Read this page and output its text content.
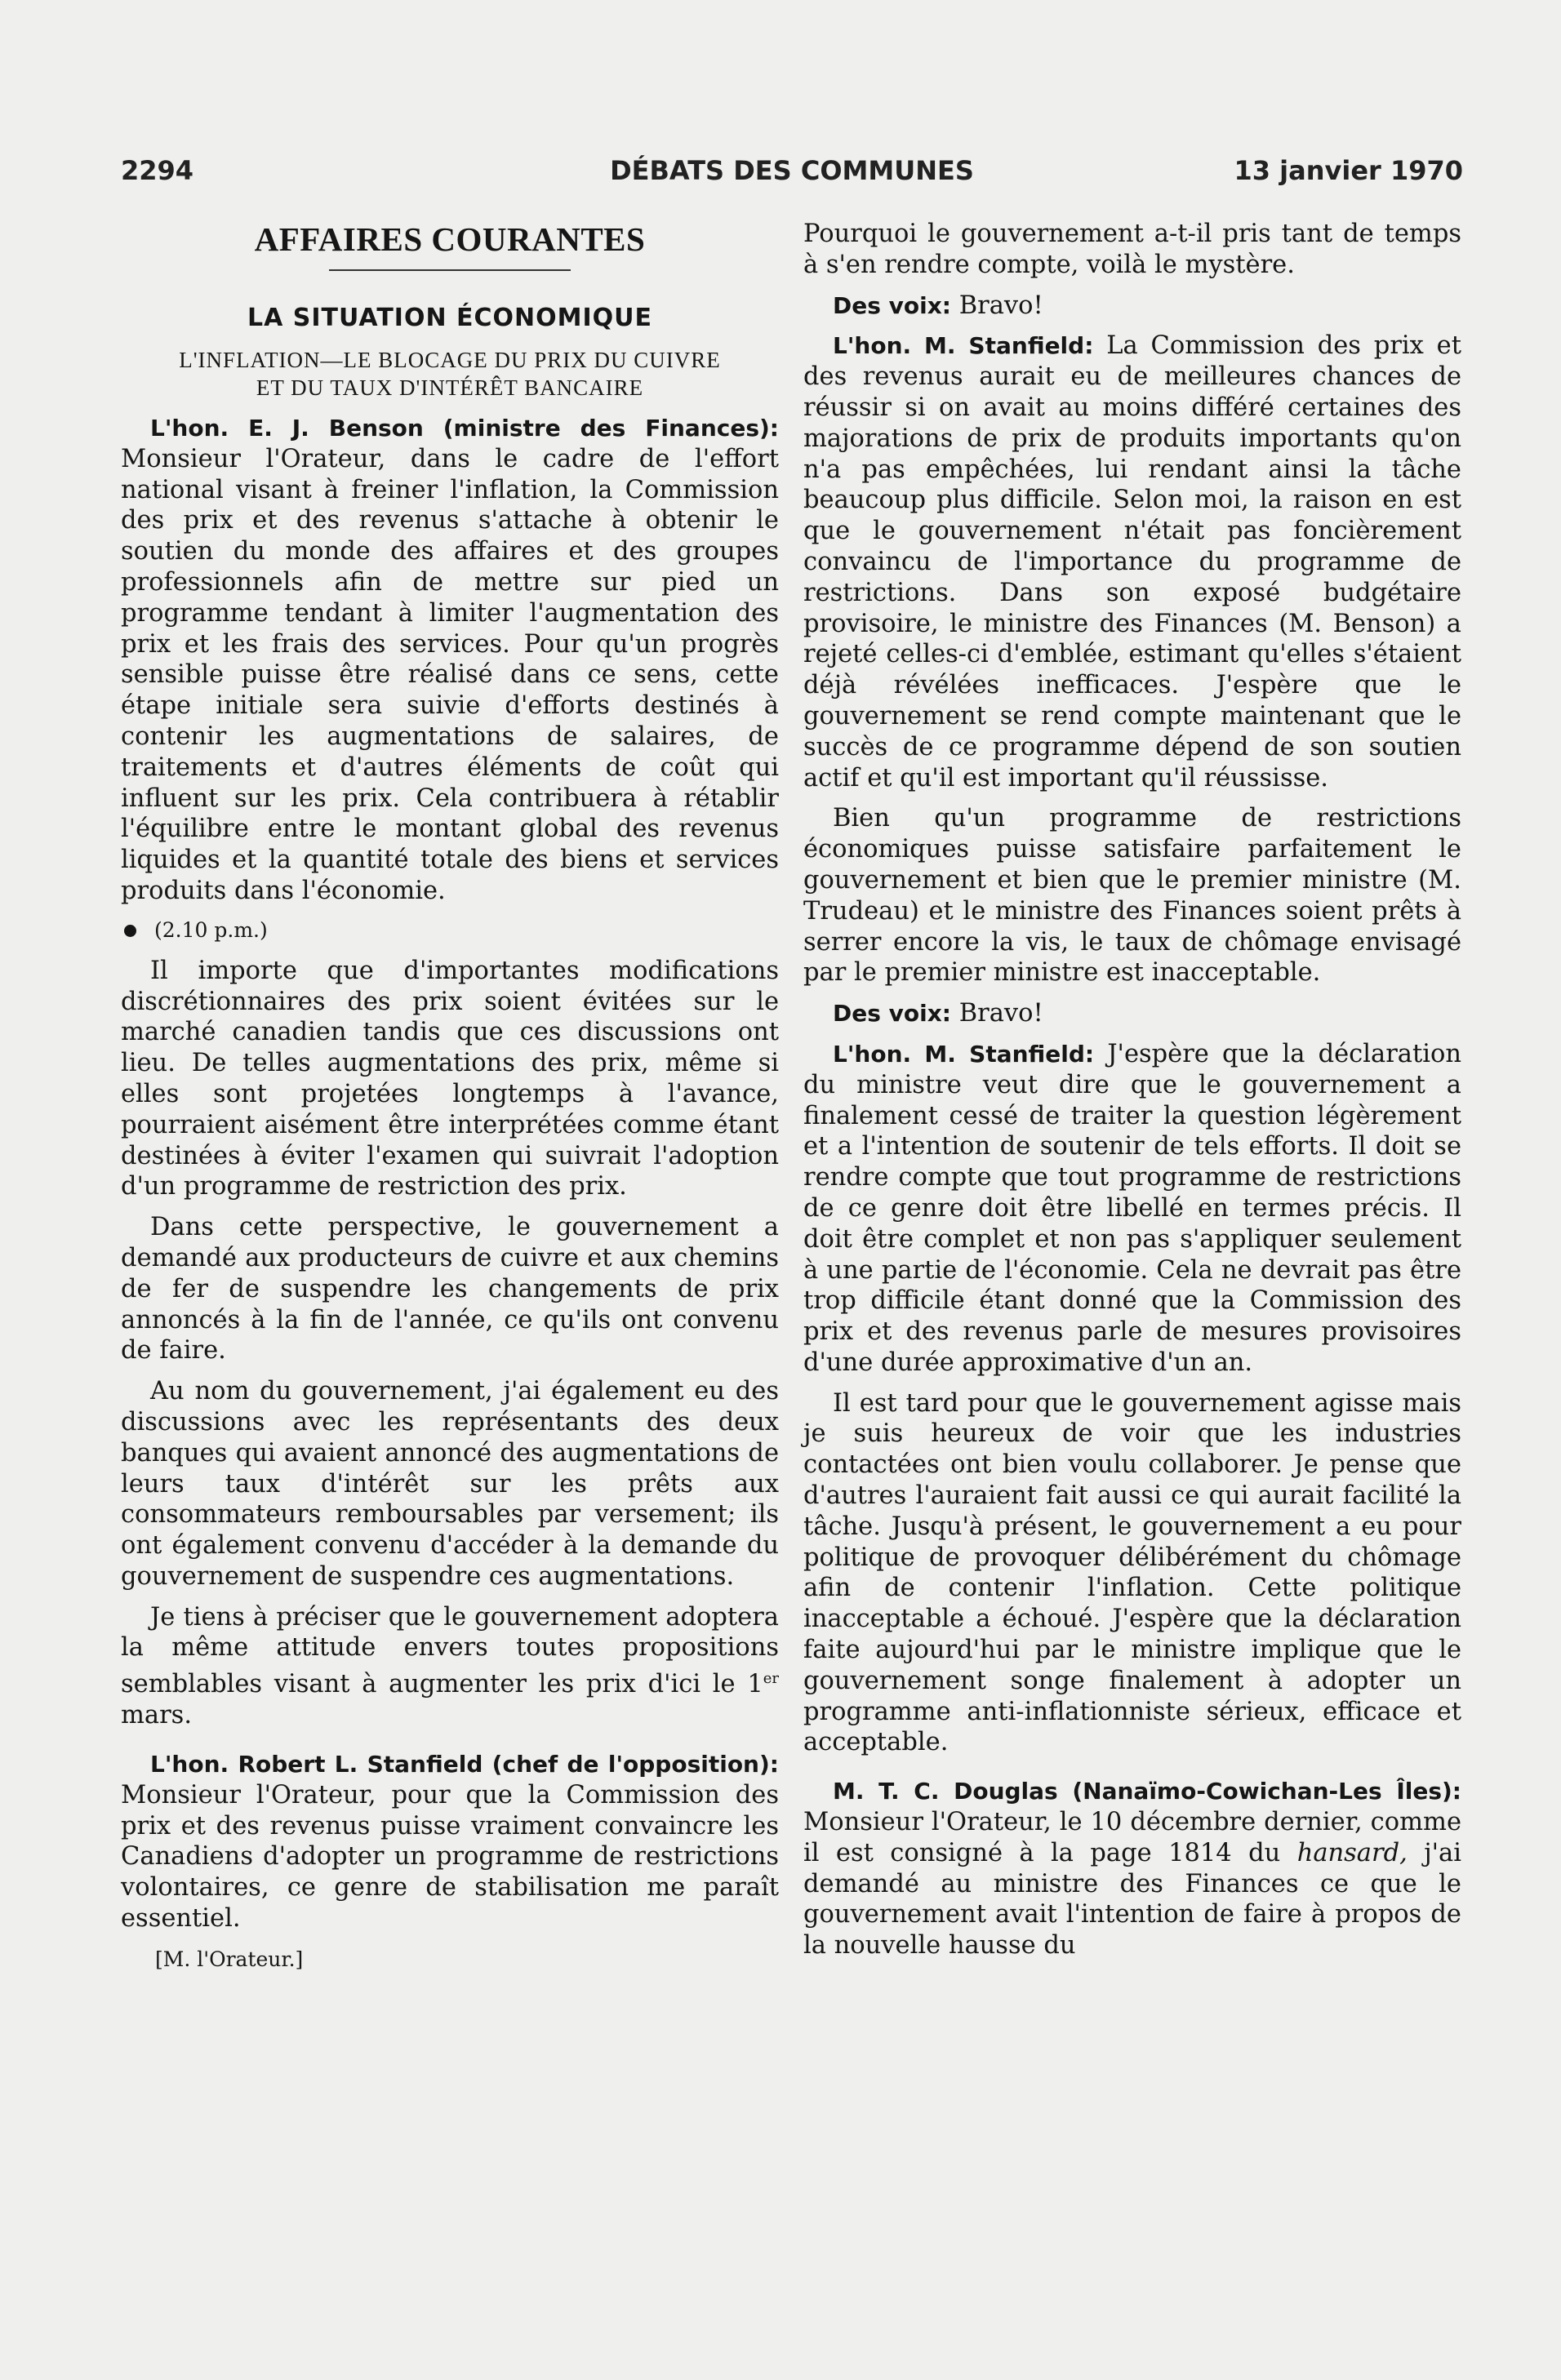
2294	DÉBATS DES COMMUNES	13 janvier 1970
AFFAIRES COURANTES
LA SITUATION ÉCONOMIQUE
L'INFLATION—LE BLOCAGE DU PRIX DU CUIVRE ET DU TAUX D'INTÉRÊT BANCAIRE

L'hon. E. J. Benson (ministre des Finances): Monsieur l'Orateur, dans le cadre de l'effort national visant à freiner l'inflation, la Commission des prix et des revenus s'attache à obtenir le soutien du monde des affaires et des groupes professionnels afin de mettre sur pied un programme tendant à limiter l'augmentation des prix et les frais des services. Pour qu'un progrès sensible puisse être réalisé dans ce sens, cette étape initiale sera suivie d'efforts destinés à contenir les augmentations de salaires, de traitements et d'autres éléments de coût qui influent sur les prix. Cela contribuera à rétablir l'équilibre entre le montant global des revenus liquides et la quantité totale des biens et services produits dans l'économie.

(2.10 p.m.)

Il importe que d'importantes modifications discrétionnaires des prix soient évitées sur le marché canadien tandis que ces discussions ont lieu. De telles augmentations des prix, même si elles sont projetées longtemps à l'avance, pourraient aisément être interprétées comme étant destinées à éviter l'examen qui suivrait l'adoption d'un programme de restriction des prix.

Dans cette perspective, le gouvernement a demandé aux producteurs de cuivre et aux chemins de fer de suspendre les changements de prix annoncés à la fin de l'année, ce qu'ils ont convenu de faire.

Au nom du gouvernement, j'ai également eu des discussions avec les représentants des deux banques qui avaient annoncé des augmentations de leurs taux d'intérêt sur les prêts aux consommateurs remboursables par versement; ils ont également convenu d'accéder à la demande du gouvernement de suspendre ces augmentations.

Je tiens à préciser que le gouvernement adoptera la même attitude envers toutes propositions semblables visant à augmenter les prix d'ici le 1er mars.

L'hon. Robert L. Stanfield (chef de l'opposition): Monsieur l'Orateur, pour que la Commission des prix et des revenus puisse vraiment convaincre les Canadiens d'adopter un programme de restrictions volontaires, ce genre de stabilisation me paraît essentiel.

[M. l'Orateur.]

Pourquoi le gouvernement a-t-il pris tant de temps à s'en rendre compte, voilà le mystère.

Des voix: Bravo!

L'hon. M. Stanfield: La Commission des prix et des revenus aurait eu de meilleures chances de réussir si on avait au moins différé certaines des majorations de prix de produits importants qu'on n'a pas empêchées, lui rendant ainsi la tâche beaucoup plus difficile. Selon moi, la raison en est que le gouvernement n'était pas foncièrement convaincu de l'importance du programme de restrictions. Dans son exposé budgétaire provisoire, le ministre des Finances (M. Benson) a rejeté celles-ci d'emblée, estimant qu'elles s'étaient déjà révélées inefficaces. J'espère que le gouvernement se rend compte maintenant que le succès de ce programme dépend de son soutien actif et qu'il est important qu'il réussisse.

Bien qu'un programme de restrictions économiques puisse satisfaire parfaitement le gouvernement et bien que le premier ministre (M. Trudeau) et le ministre des Finances soient prêts à serrer encore la vis, le taux de chômage envisagé par le premier ministre est inacceptable.

Des voix: Bravo!

L'hon. M. Stanfield: J'espère que la déclaration du ministre veut dire que le gouvernement a finalement cessé de traiter la question légèrement et a l'intention de soutenir de tels efforts. Il doit se rendre compte que tout programme de restrictions de ce genre doit être libellé en termes précis. Il doit être complet et non pas s'appliquer seulement à une partie de l'économie. Cela ne devrait pas être trop difficile étant donné que la Commission des prix et des revenus parle de mesures provisoires d'une durée approximative d'un an.

Il est tard pour que le gouvernement agisse mais je suis heureux de voir que les industries contactées ont bien voulu collaborer. Je pense que d'autres l'auraient fait aussi ce qui aurait facilité la tâche. Jusqu'à présent, le gouvernement a eu pour politique de provoquer délibérément du chômage afin de contenir l'inflation. Cette politique inacceptable a échoué. J'espère que la déclaration faite aujourd'hui par le ministre implique que le gouvernement songe finalement à adopter un programme anti-inflationniste sérieux, efficace et acceptable.

M. T. C. Douglas (Nanaïmo-Cowichan-Les Îles): Monsieur l'Orateur, le 10 décembre dernier, comme il est consigné à la page 1814 du hansard, j'ai demandé au ministre des Finances ce que le gouvernement avait l'intention de faire à propos de la nouvelle hausse du
